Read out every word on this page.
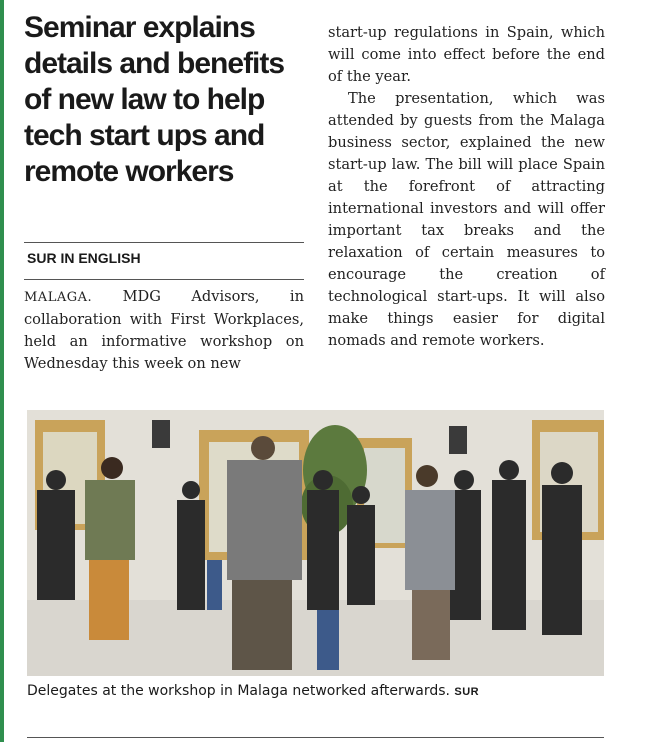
Seminar explains details and benefits of new law to help tech start ups and remote workers
SUR IN ENGLISH
MALAGA. MDG Advisors, in collaboration with First Workplaces, held an informative workshop on Wednesday this week on new

start-up regulations in Spain, which will come into effect before the end of the year.

The presentation, which was attended by guests from the Malaga business sector, explained the new start-up law. The bill will place Spain at the forefront of attracting international investors and will offer important tax breaks and the relaxation of certain measures to encourage the creation of technological start-ups. It will also make things easier for digital nomads and remote workers.

Delegates at the workshop in Malaga networked afterwards. SUR
